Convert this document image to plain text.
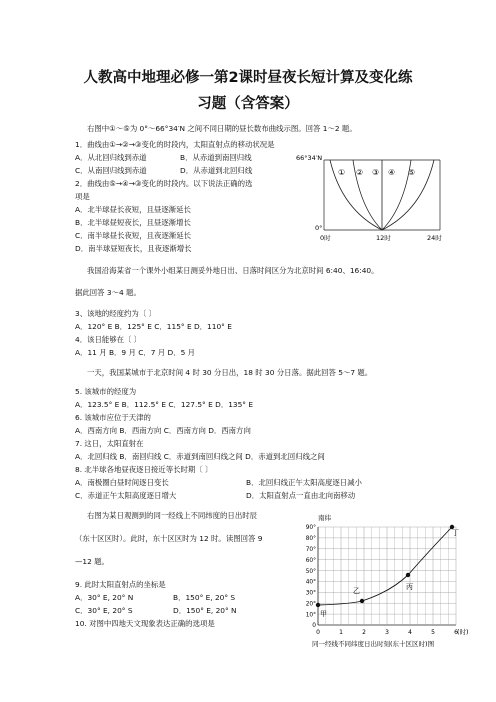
人教高中地理必修一第2课时昼夜长短计算及变化练
习题（含答案）
右图中①～⑤为 0°～66°34′N 之间不同日期的昼长数布曲线示图。回答 1～2 题。
1．曲线由①→②→③变化的时段内，太阳直射点的移动状况是
A．从北回归线到赤道	B．从赤道到南回归线
C．从南回归线到赤道	D．从赤道到北回归线
2．曲线由⑤→④→③变化的时段内。以下说法正确的选
项是
A．北半球昼长夜短，且昼逐渐延长
B．北半球昼短夜长，且昼逐渐增长
C．南半球昼长夜短，且夜逐渐延长
D．南半球昼短夜长，且夜逐渐增长
66°34′N
① ② ③ ④ ⑤
0°
0时	12时	24时
我国沿海某省一个课外小组某日测妥外地日出、日落时间区分为北京时间 6:40、16:40。
据此回答 3～4 题。
3、该地的经度约为〔 〕
A．120° E B．125° E C．115° E D．110° E
4．该日能够在〔 〕
A．11 月 B．9 月 C．7 月 D．5 月
一天，我国某城市于北京时间 4 时 30 分日出，18 时 30 分日落。据此回答 5～7 题。
5. 该城市的经度为
A．123.5° E B．112.5° E C．127.5° E D．135° E
6. 该城市应位于天津的
A．西南方向 B．西南方向 C．西南方向 D．西南方向
7. 这日，太阳直射在
A．北回归线 B．南回归线 C．赤道到南回归线之间 D．赤道到北回归线之间
8. 北半球各地昼夜逐日接近等长时期〔 〕
A．南极圈白昼时间逐日变长	B．北回归线正午太阳高度逐日减小
C．赤道正午太阳高度逐日增大	D．太阳直射点一直由北向南移动
右图为某日观测到的同一经线上不同纬度的日出时辰
（东十区区时）。此时，东十区区时为 12 时。读图回答 9
—12 题。
9. 此时太阳直射点的坐标是
A．30° E, 20° N	B．150° E, 20° S
C．30° E, 20° S	D．150° E, 20° N
10. 对图中四地天文现象表达正确的选项是
南纬
90°
80°
70°
60°
50°
40°
30°
20°
10°
0
0	1	2	3	4	5	6 (时)
甲
乙	丙
丁
同一经线不同纬度日出时刻(东十区区时)图
